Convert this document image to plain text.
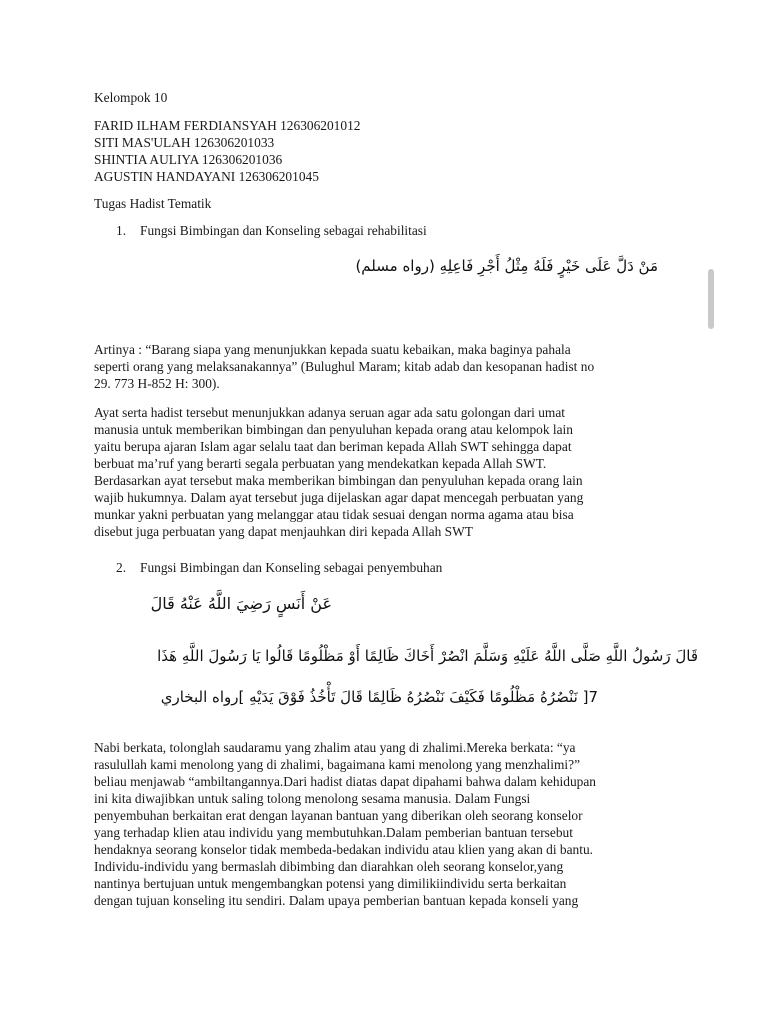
Kelompok 10
FARID ILHAM FERDIANSYAH 126306201012
SITI MAS'ULAH 126306201033
SHINTIA AULIYA 126306201036
AGUSTIN HANDAYANI 126306201045
Tugas Hadist Tematik
1. Fungsi Bimbingan dan Konseling sebagai rehabilitasi
مَنْ دَلَّ عَلَى خَيْرٍ فَلَهُ مِثْلُ أَجْرِ فَاعِلِهِ (رواه مسلم)
Artinya : “Barang siapa yang menunjukkan kepada suatu kebaikan, maka baginya pahala
seperti orang yang melaksanakannya” (Bulughul Maram; kitab adab dan kesopanan hadist no
29. 773 H-852 H: 300).
Ayat serta hadist tersebut menunjukkan adanya seruan agar ada satu golongan dari umat
manusia untuk memberikan bimbingan dan penyuluhan kepada orang atau kelompok lain
yaitu berupa ajaran Islam agar selalu taat dan beriman kepada Allah SWT sehingga dapat
berbuat ma’ruf yang berarti segala perbuatan yang mendekatkan kepada Allah SWT.
Berdasarkan ayat tersebut maka memberikan bimbingan dan penyuluhan kepada orang lain
wajib hukumnya. Dalam ayat tersebut juga dijelaskan agar dapat mencegah perbuatan yang
munkar yakni perbuatan yang melanggar atau tidak sesuai dengan norma agama atau bisa
disebut juga perbuatan yang dapat menjauhkan diri kepada Allah SWT
2. Fungsi Bimbingan dan Konseling sebagai penyembuhan
عَنْ أَنَسٍ رَضِيَ اللَّهُ عَنْهُ قَالَ
قَالَ رَسُولُ اللَّهِ صَلَّى اللَّهُ عَلَيْهِ وَسَلَّمَ انْصُرْ أَخَاكَ ظَالِمًا أَوْ مَظْلُومًا قَالُوا يَا رَسُولَ اللَّهِ هَذَا
7[ نَنْصُرُهُ مَظْلُومًا فَكَيْفَ نَنْصُرُهُ ظَالِمًا قَالَ تَأْخُذُ فَوْقَ يَدَيْهِ ]رواه البخاري
Nabi berkata, tolonglah saudaramu yang zhalim atau yang di zhalimi.Mereka berkata: “ya
rasulullah kami menolong yang di zhalimi, bagaimana kami menolong yang menzhalimi?”
beliau menjawab “ambiltangannya.Dari hadist diatas dapat dipahami bahwa dalam kehidupan
ini kita diwajibkan untuk saling tolong menolong sesama manusia. Dalam Fungsi
penyembuhan berkaitan erat dengan layanan bantuan yang diberikan oleh seorang konselor
yang terhadap klien atau individu yang membutuhkan.Dalam pemberian bantuan tersebut
hendaknya seorang konselor tidak membeda-bedakan individu atau klien yang akan di bantu.
Individu-individu yang bermaslah dibimbing dan diarahkan oleh seorang konselor,yang
nantinya bertujuan untuk mengembangkan potensi yang dimilikiindividu serta berkaitan
dengan tujuan konseling itu sendiri. Dalam upaya pemberian bantuan kepada konseli yang
